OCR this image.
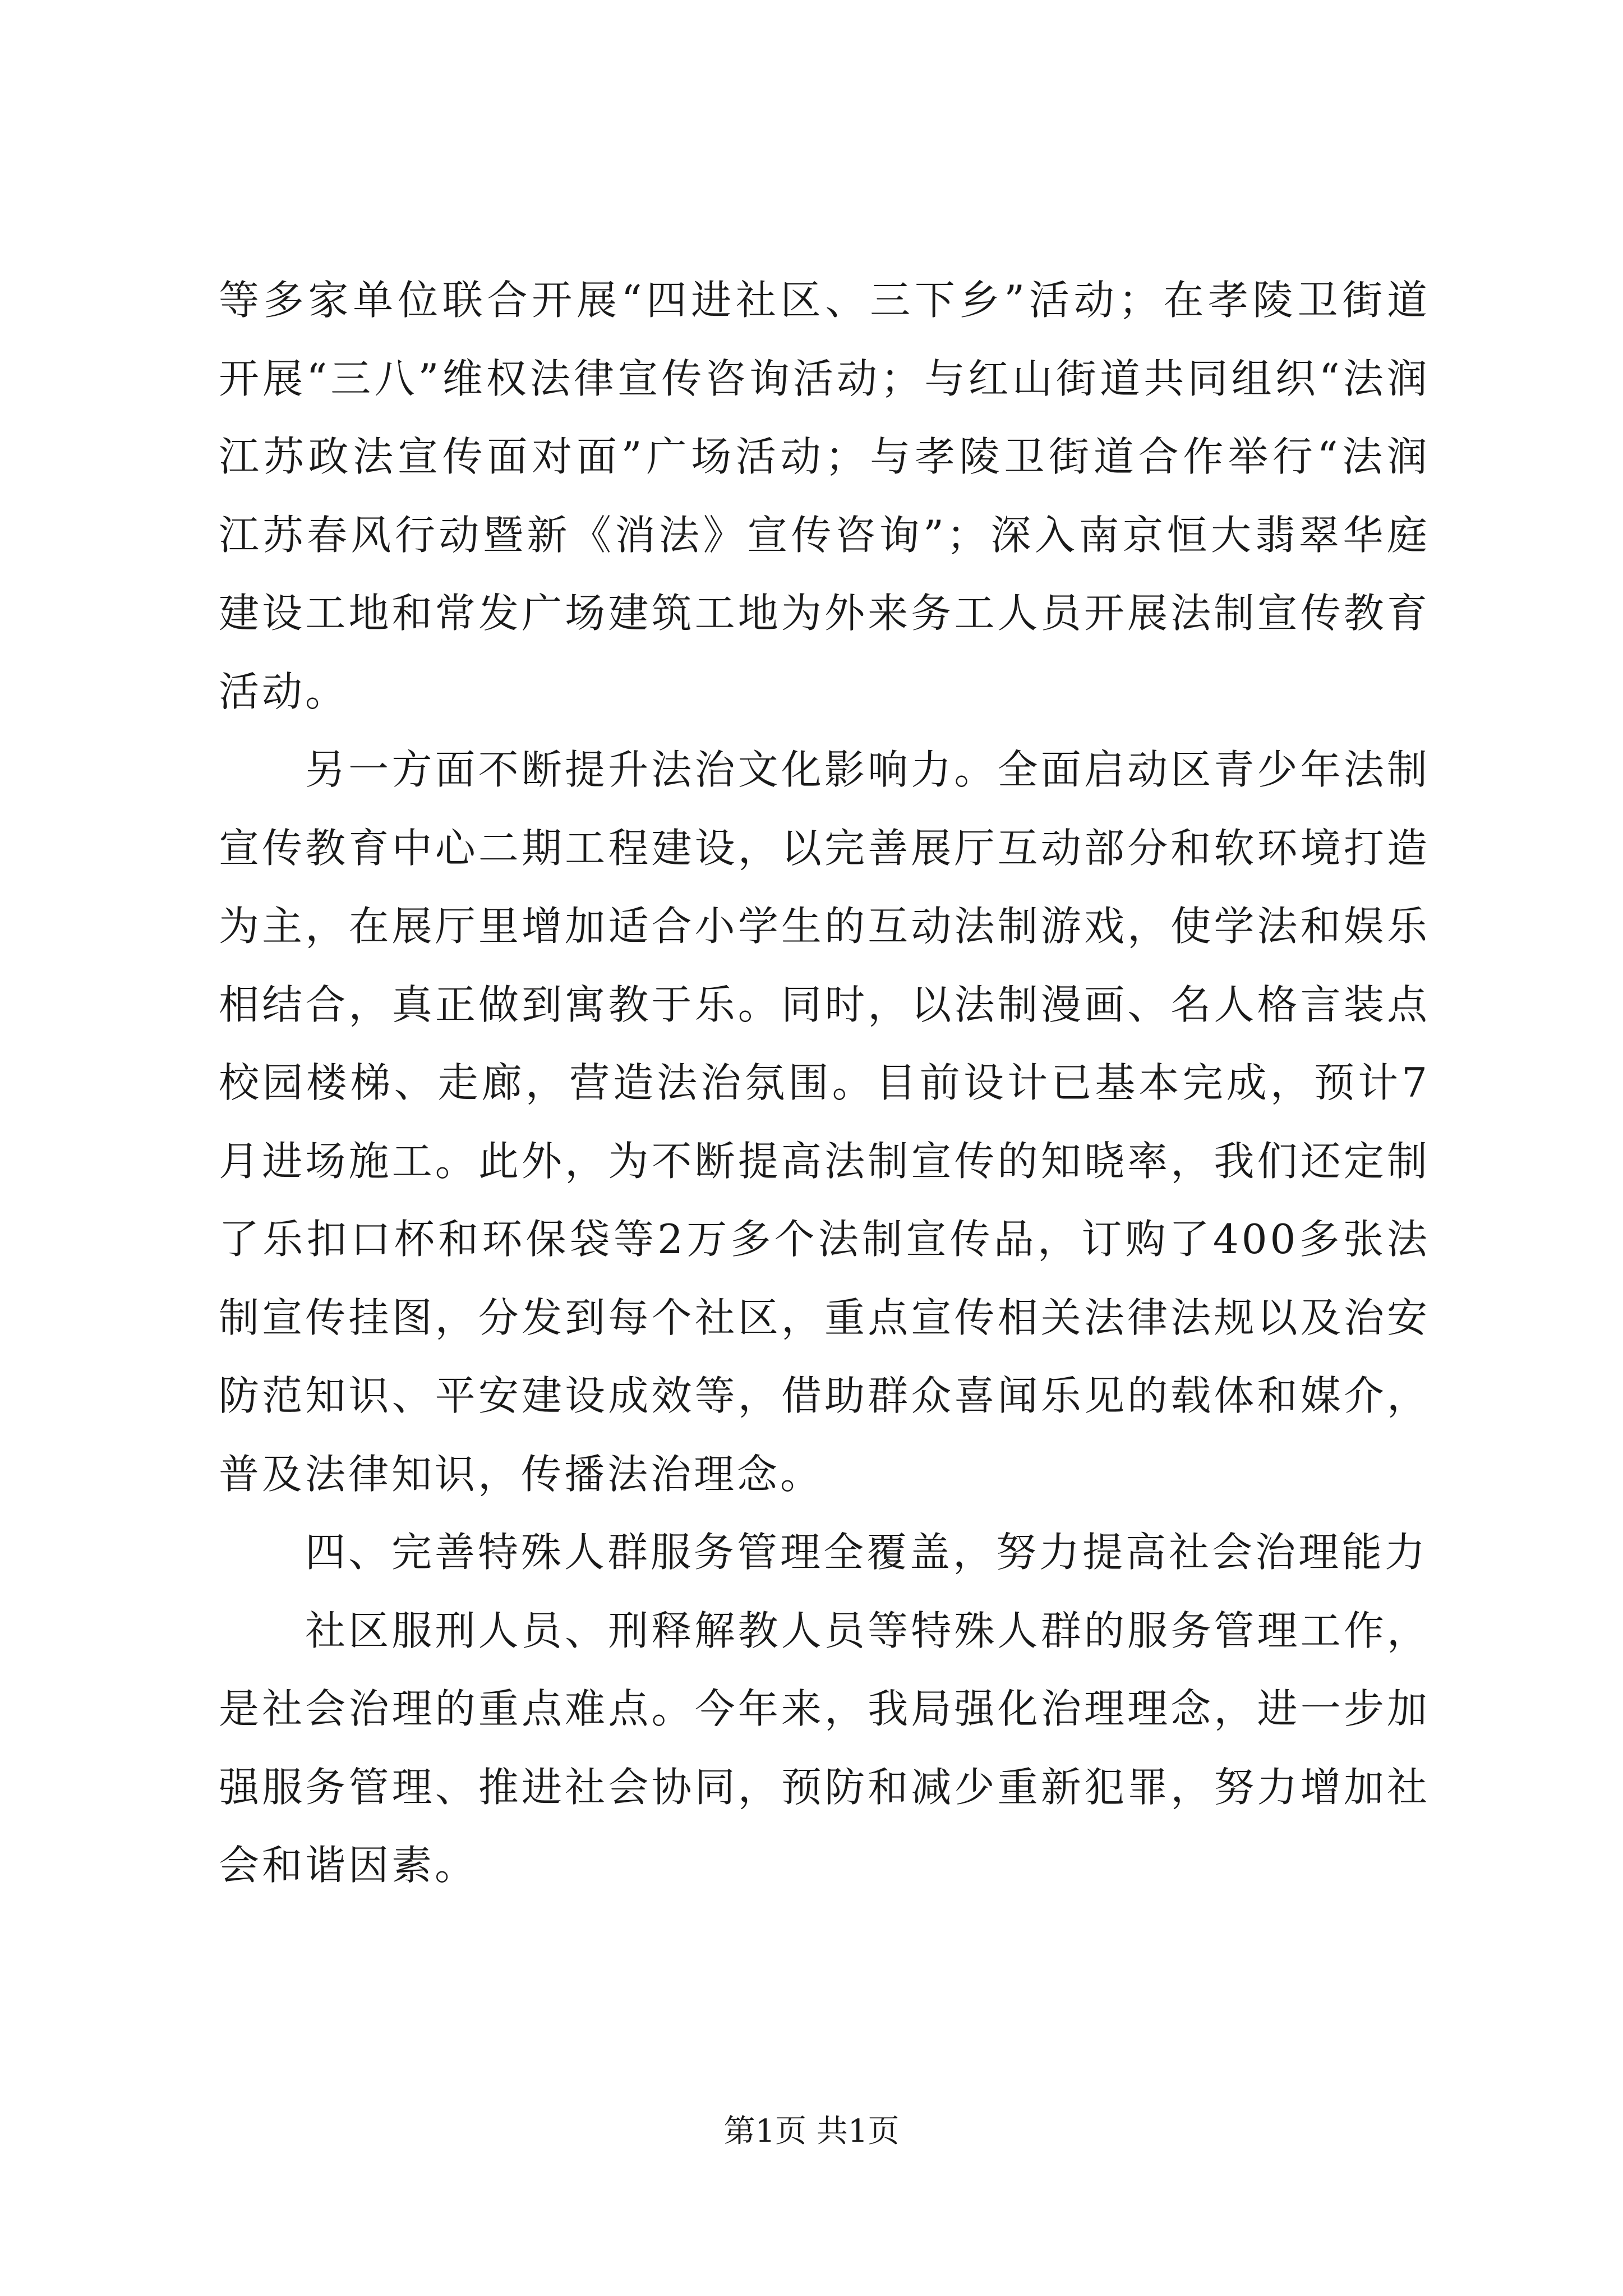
等多家单位联合开展“四进社区、三下乡”活动；在孝陵卫街道开展“三八”维权法律宣传咨询活动；与红山街道共同组织“法润江苏政法宣传面对面”广场活动；与孝陵卫街道合作举行“法润江苏春风行动暨新《消法》宣传咨询”；深入南京恒大翡翠华庭建设工地和常发广场建筑工地为外来务工人员开展法制宣传教育活动。

另一方面不断提升法治文化影响力。全面启动区青少年法制宣传教育中心二期工程建设，以完善展厅互动部分和软环境打造为主，在展厅里增加适合小学生的互动法制游戏，使学法和娱乐相结合，真正做到寓教于乐。同时，以法制漫画、名人格言装点校园楼梯、走廊，营造法治氛围。目前设计已基本完成，预计7月进场施工。此外，为不断提高法制宣传的知晓率，我们还定制了乐扣口杯和环保袋等2万多个法制宣传品，订购了400多张法制宣传挂图，分发到每个社区，重点宣传相关法律法规以及治安防范知识、平安建设成效等，借助群众喜闻乐见的载体和媒介，普及法律知识，传播法治理念。

四、完善特殊人群服务管理全覆盖，努力提高社会治理能力

社区服刑人员、刑释解教人员等特殊人群的服务管理工作，是社会治理的重点难点。今年来，我局强化治理理念，进一步加强服务管理、推进社会协同，预防和减少重新犯罪，努力增加社会和谐因素。

第1页 共1页
